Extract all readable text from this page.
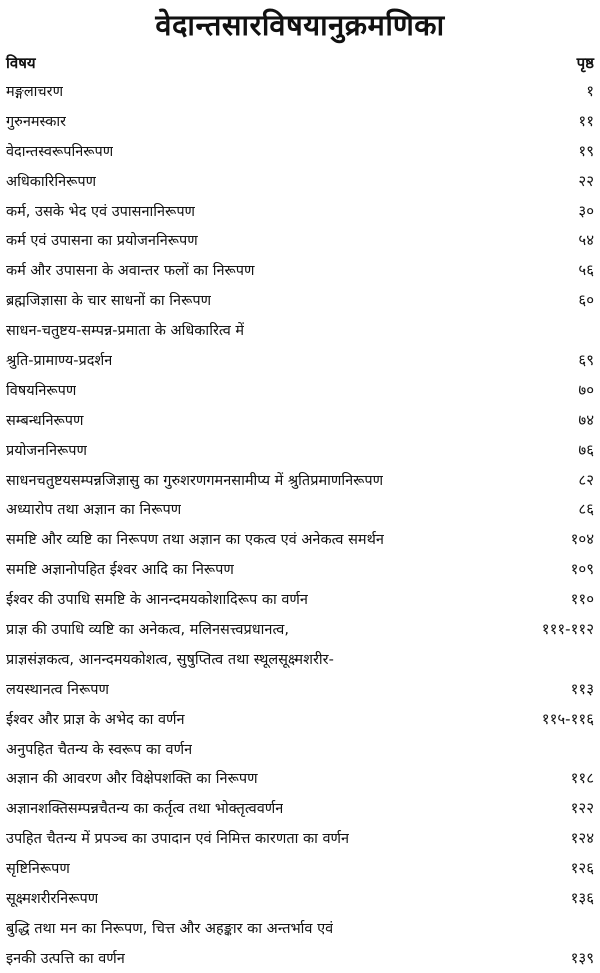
वेदान्तसारविषयानुक्रमणिका
विषय	पृष्ठ
मङ्गलाचरण	१
गुरुनमस्कार	११
वेदान्तस्वरूपनिरूपण	१९
अधिकारिनिरूपण	२२
कर्म, उसके भेद एवं उपासनानिरूपण	३०
कर्म एवं उपासना का प्रयोजननिरूपण	५४
कर्म और उपासना के अवान्तर फलों का निरूपण	५६
ब्रह्मजिज्ञासा के चार साधनों का निरूपण	६०
साधन-चतुष्टय-सम्पन्न-प्रमाता के अधिकारित्व में
श्रुति-प्रामाण्य-प्रदर्शन	६९
विषयनिरूपण	७०
सम्बन्धनिरूपण	७४
प्रयोजननिरूपण	७६
साधनचतुष्टयसम्पन्नजिज्ञासु का गुरुशरणगमनसामीप्य में श्रुतिप्रमाणनिरूपण	८२
अध्यारोप तथा अज्ञान का निरूपण	८६
समष्टि और व्यष्टि का निरूपण तथा अज्ञान का एकत्व एवं अनेकत्व समर्थन	१०४
समष्टि अज्ञानोपहित ईश्वर आदि का निरूपण	१०९
ईश्वर की उपाधि समष्टि के आनन्दमयकोशादिरूप का वर्णन	११०
प्राज्ञ की उपाधि व्यष्टि का अनेकत्व, मलिनसत्त्वप्रधानत्व,	१११-११२
प्राज्ञसंज्ञकत्व, आनन्दमयकोशत्व, सुषुप्तित्व तथा स्थूलसूक्ष्मशरीर-
लयस्थानत्व निरूपण	११३
ईश्वर और प्राज्ञ के अभेद का वर्णन	११५-११६
अनुपहित चैतन्य के स्वरूप का वर्णन
अज्ञान की आवरण और विक्षेपशक्ति का निरूपण	११८
अज्ञानशक्तिसम्पन्नचैतन्य का कर्तृत्व तथा भोक्तृत्ववर्णन	१२२
उपहित चैतन्य में प्रपञ्च का उपादान एवं निमित्त कारणता का वर्णन	१२४
सृष्टिनिरूपण	१२६
सूक्ष्मशरीरनिरूपण	१३६
बुद्धि तथा मन का निरूपण, चित्त और अहङ्कार का अन्तर्भाव एवं
इनकी उत्पत्ति का वर्णन	१३९
